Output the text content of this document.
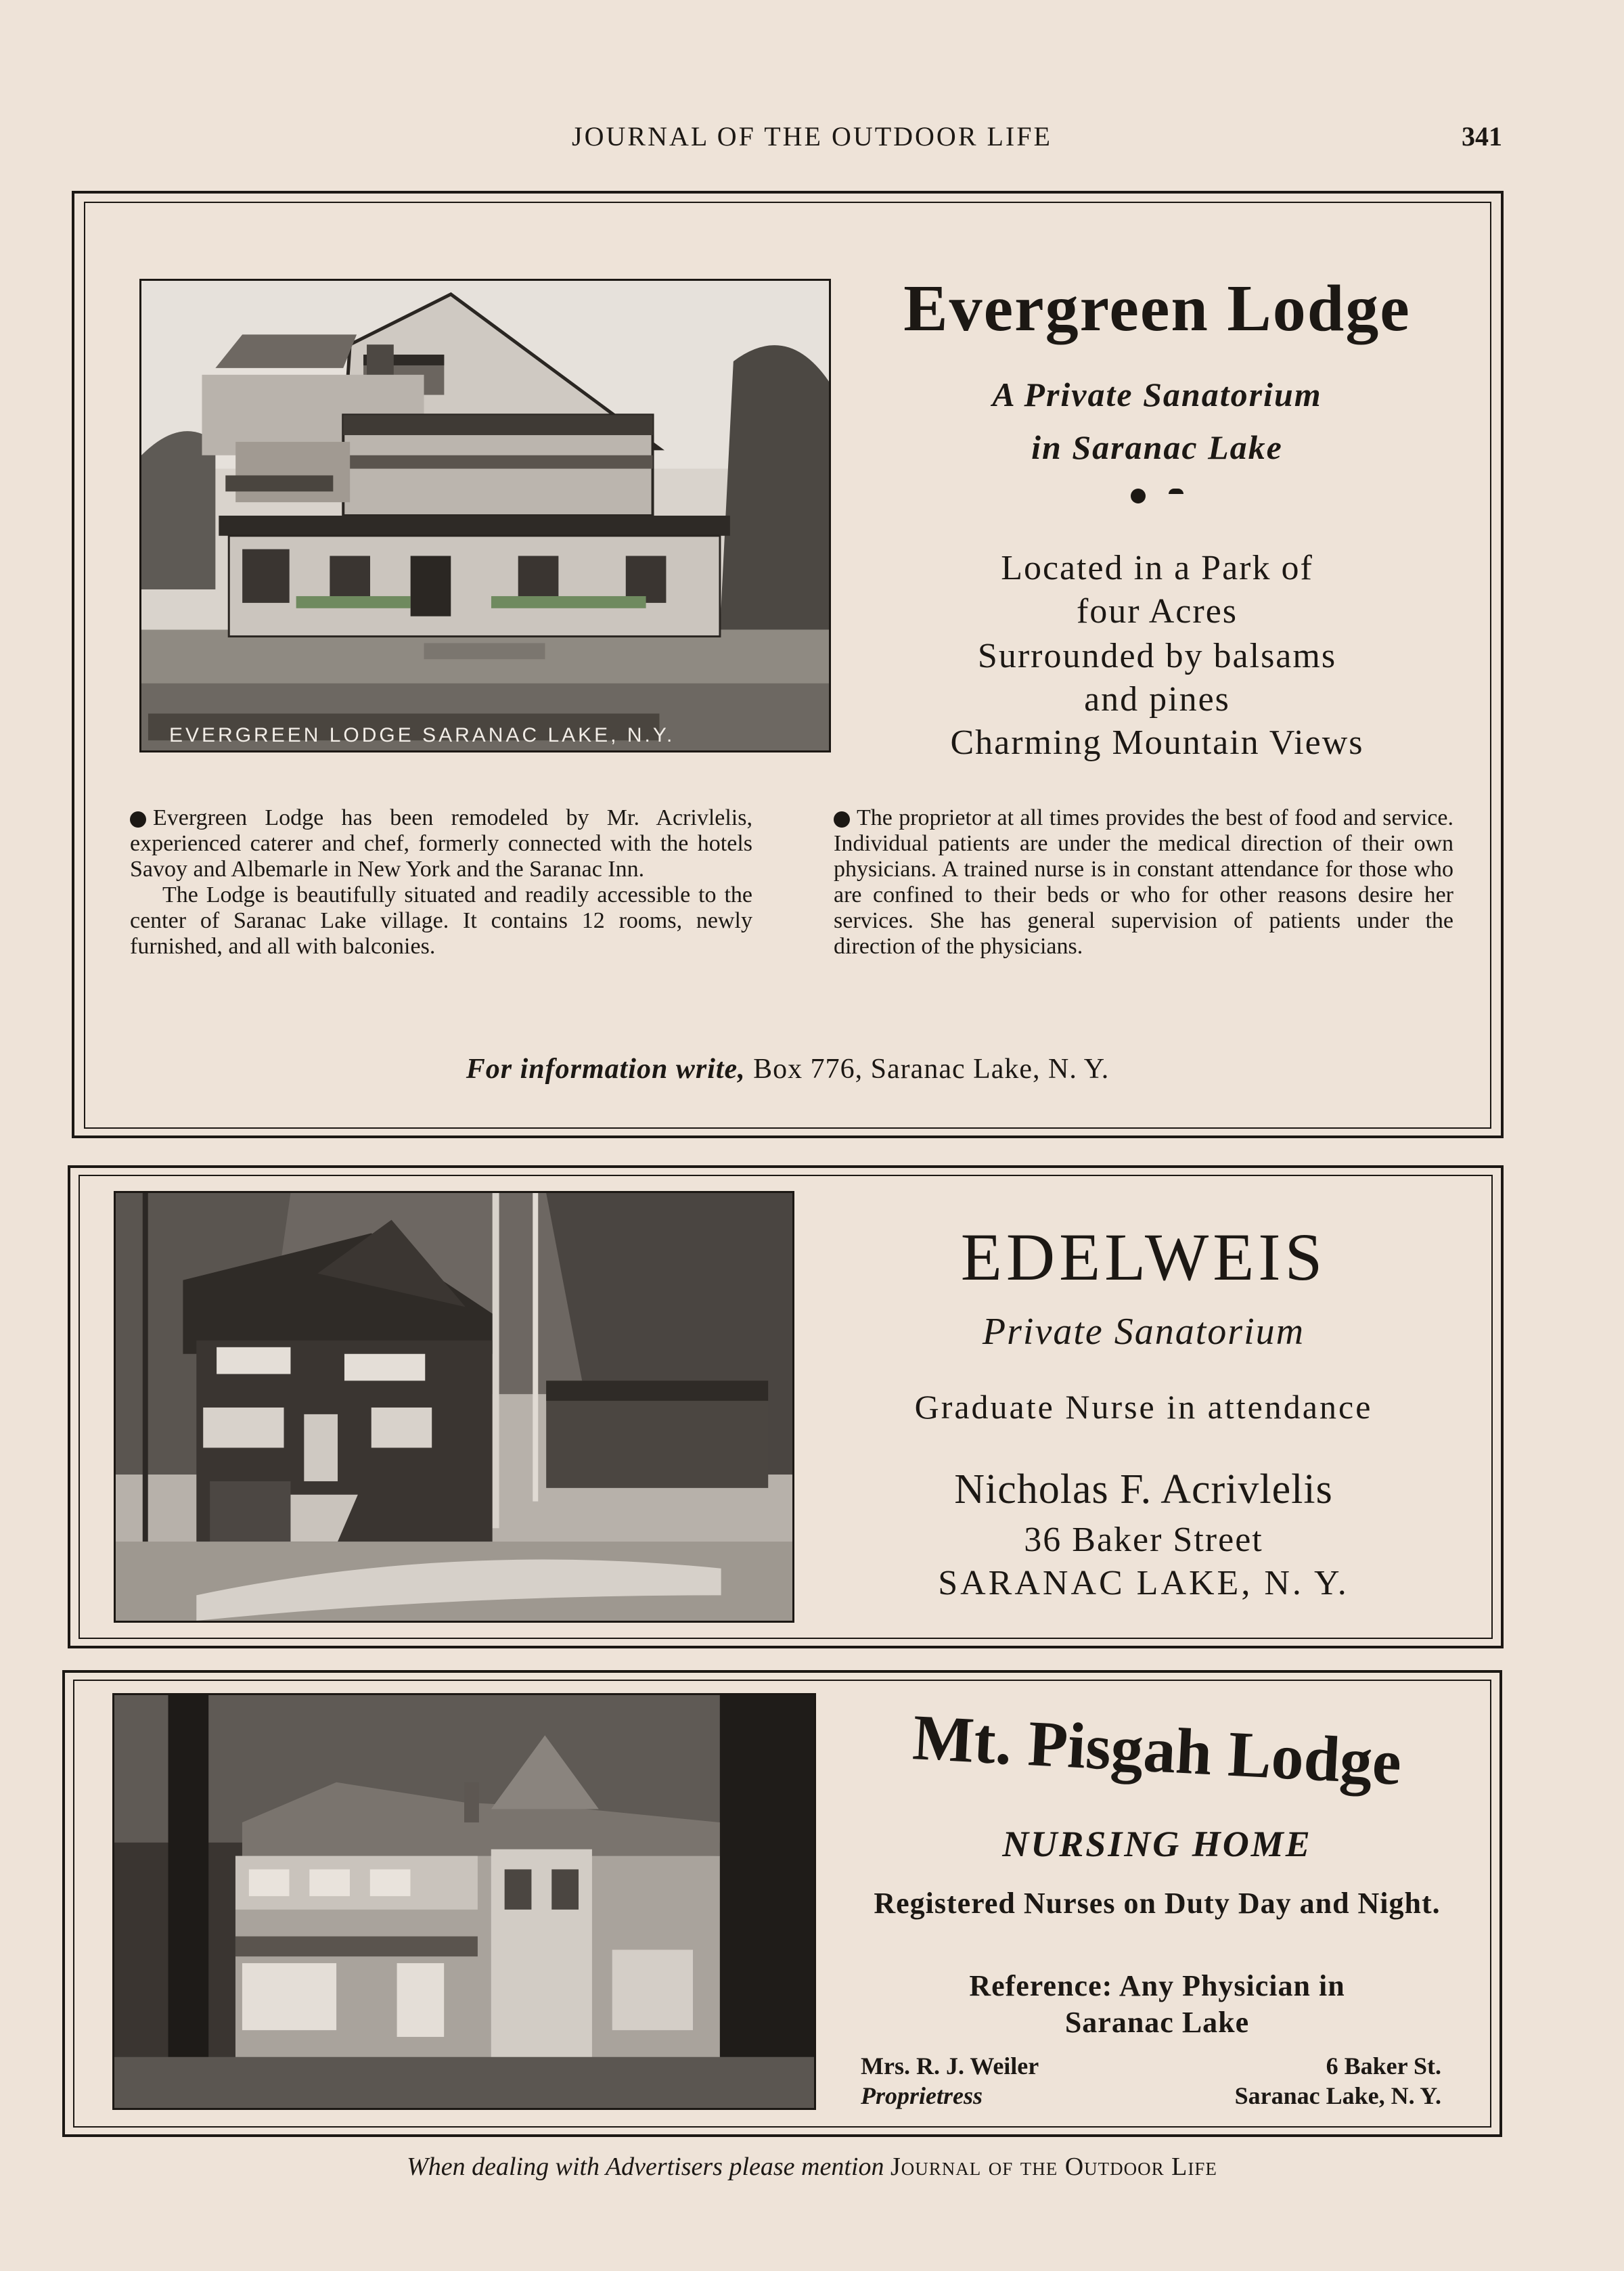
JOURNAL OF THE OUTDOOR LIFE	341
EVERGREEN LODGE SARANAC LAKE, N.Y.
Evergreen Lodge
A Private Sanatorium
in Saranac Lake

Located in a Park of
four Acres
Surrounded by balsams
and pines
Charming Mountain Views

Evergreen Lodge has been remodeled by Mr. Acrivlelis, experienced caterer and chef, formerly connected with the hotels Savoy and Albemarle in New York and the Saranac Inn.

The Lodge is beautifully situated and readily accessible to the center of Saranac Lake village. It contains 12 rooms, newly furnished, and all with balconies.

The proprietor at all times provides the best of food and service. Individual patients are under the medical direction of their own physicians. A trained nurse is in constant attendance for those who are confined to their beds or who for other reasons desire her services. She has general supervision of patients under the direction of the physicians.

For information write, Box 776, Saranac Lake, N. Y.
EDELWEIS
Private Sanatorium
Graduate Nurse in attendance
Nicholas F. Acrivlelis
36 Baker Street
SARANAC LAKE, N. Y.
Mt. Pisgah Lodge
NURSING HOME
Registered Nurses on Duty Day and Night.
Reference: Any Physician in Saranac Lake
Mrs. R. J. Weiler
Proprietress
6 Baker St.
Saranac Lake, N. Y.
When dealing with Advertisers please mention Journal of the Outdoor Life
